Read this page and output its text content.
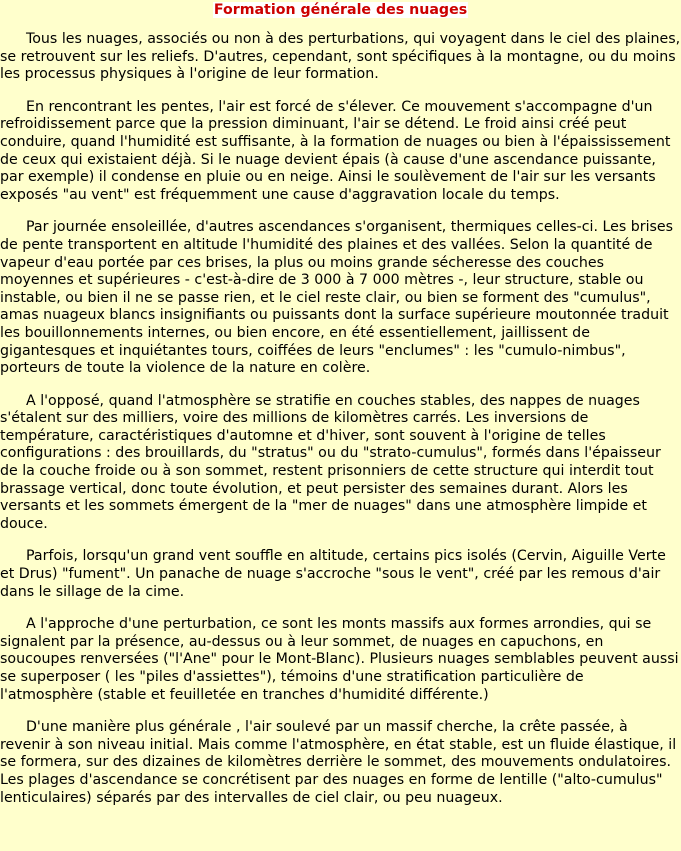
Formation générale des nuages

Tous les nuages, associés ou non à des perturbations, qui voyagent dans le ciel des plaines, se retrouvent sur les reliefs. D'autres, cependant, sont spécifiques à la montagne, ou du moins les processus physiques à l'origine de leur formation.

En rencontrant les pentes, l'air est forcé de s'élever. Ce mouvement s'accompagne d'un refroidissement parce que la pression diminuant, l'air se détend. Le froid ainsi créé peut conduire, quand l'humidité est suffisante, à la formation de nuages ou bien à l'épaississement de ceux qui existaient déjà. Si le nuage devient épais (à cause d'une ascendance puissante, par exemple) il condense en pluie ou en neige. Ainsi le soulèvement de l'air sur les versants exposés "au vent" est fréquemment une cause d'aggravation locale du temps.

Par journée ensoleillée, d'autres ascendances s'organisent, thermiques celles-ci. Les brises de pente transportent en altitude l'humidité des plaines et des vallées. Selon la quantité de vapeur d'eau portée par ces brises, la plus ou moins grande sécheresse des couches moyennes et supérieures - c'est-à-dire de 3 000 à 7 000 mètres -, leur structure, stable ou instable, ou bien il ne se passe rien, et le ciel reste clair, ou bien se forment des "cumulus", amas nuageux blancs insignifiants ou puissants dont la surface supérieure moutonnée traduit les bouillonnements internes, ou bien encore, en été essentiellement, jaillissent de gigantesques et inquiétantes tours, coiffées de leurs "enclumes" : les "cumulo-nimbus", porteurs de toute la violence de la nature en colère.

A l'opposé, quand l'atmosphère se stratifie en couches stables, des nappes de nuages s'étalent sur des milliers, voire des millions de kilomètres carrés. Les inversions de température, caractéristiques d'automne et d'hiver, sont souvent à l'origine de telles configurations : des brouillards, du "stratus" ou du "strato-cumulus", formés dans l'épaisseur de la couche froide ou à son sommet, restent prisonniers de cette structure qui interdit tout brassage vertical, donc toute évolution, et peut persister des semaines durant. Alors les versants et les sommets émergent de la "mer de nuages" dans une atmosphère limpide et douce.

Parfois, lorsqu'un grand vent souffle en altitude, certains pics isolés (Cervin, Aiguille Verte et Drus) "fument". Un panache de nuage s'accroche "sous le vent", créé par les remous d'air dans le sillage de la cime.

A l'approche d'une perturbation, ce sont les monts massifs aux formes arrondies, qui se signalent par la présence, au-dessus ou à leur sommet, de nuages en capuchons, en soucoupes renversées ("l'Ane" pour le Mont-Blanc). Plusieurs nuages semblables peuvent aussi se superposer ( les "piles d'assiettes"), témoins d'une stratification particulière de l'atmosphère (stable et feuilletée en tranches d'humidité différente.)

D'une manière plus générale , l'air soulevé par un massif cherche, la crête passée, à revenir à son niveau initial. Mais comme l'atmosphère, en état stable, est un fluide élastique, il se formera, sur des dizaines de kilomètres derrière le sommet, des mouvements ondulatoires. Les plages d'ascendance se concrétisent par des nuages en forme de lentille ("alto-cumulus" lenticulaires) séparés par des intervalles de ciel clair, ou peu nuageux.
